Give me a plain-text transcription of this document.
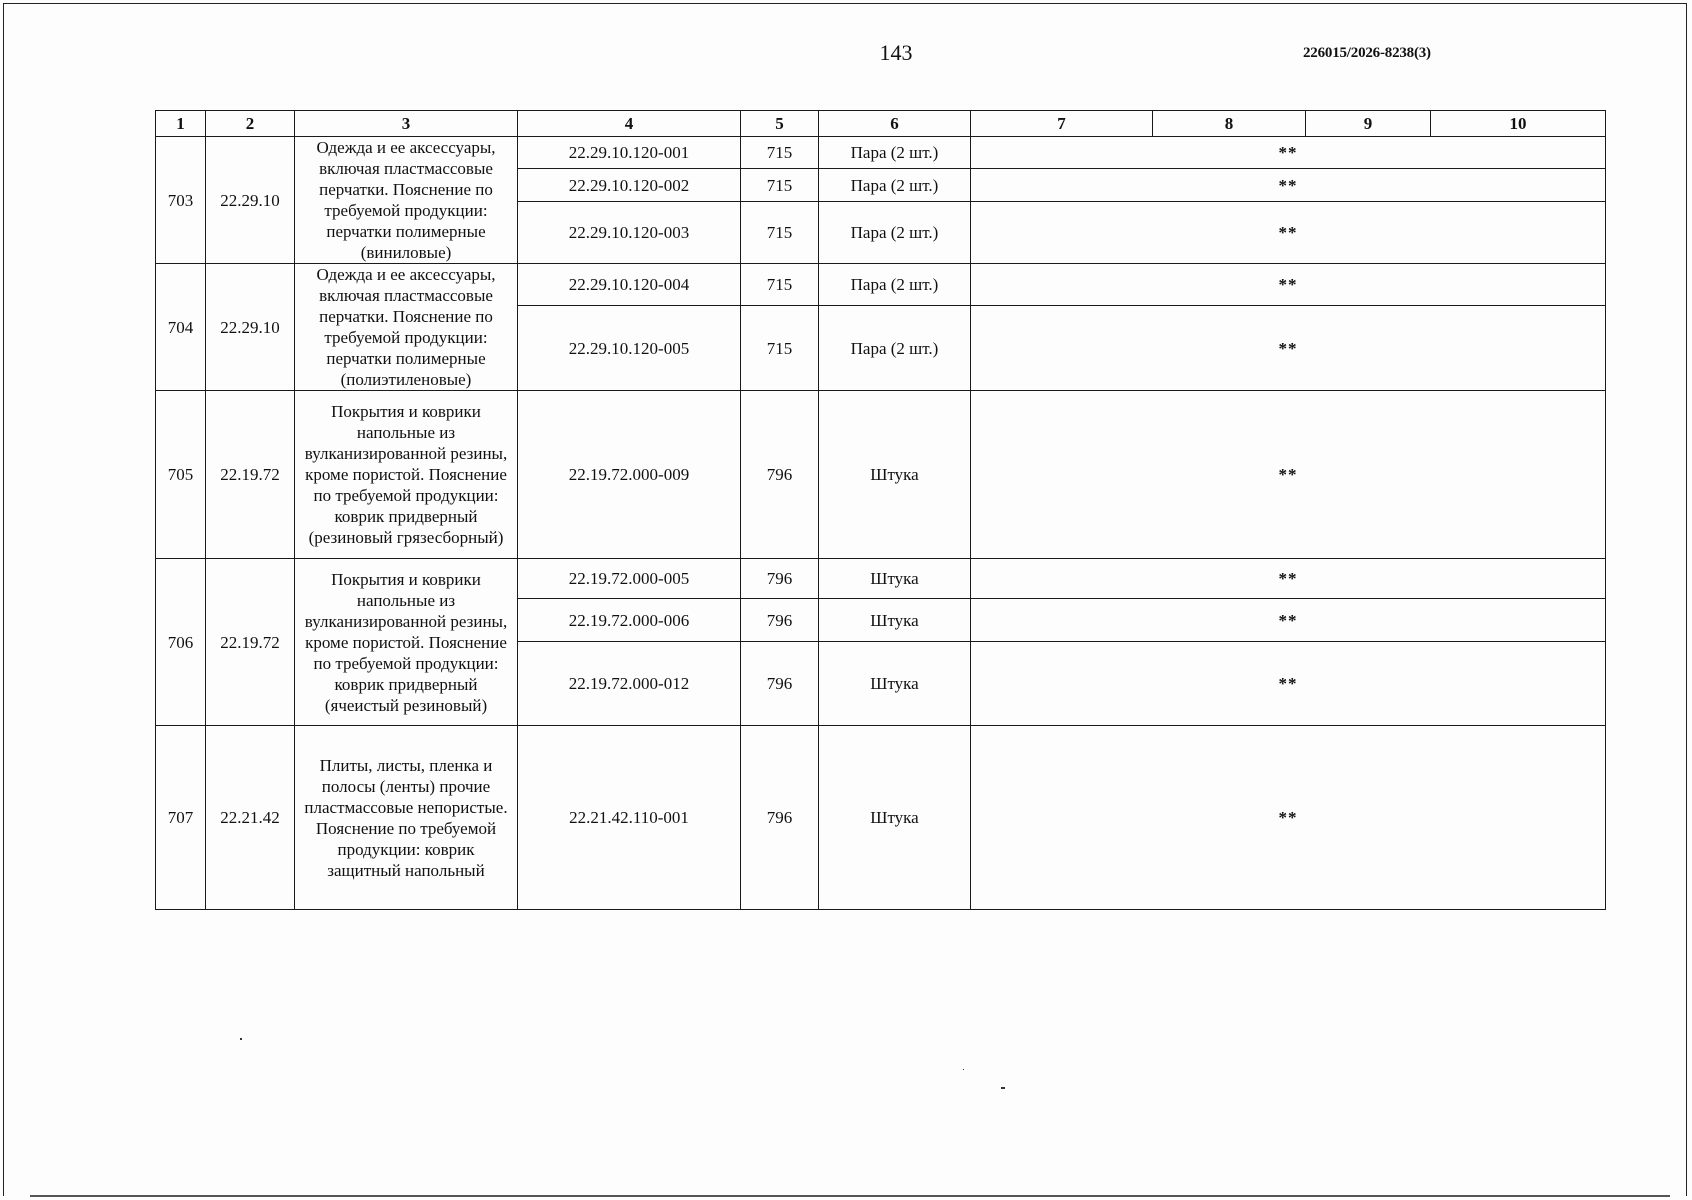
143	226015/2026-8238(3)
1	2	3	4	5	6	7	8	9	10
703	22.29.10	Одежда и ее аксессуары, включая пластмассовые перчатки. Пояснение по требуемой продукции: перчатки полимерные (виниловые)	22.29.10.120-001	715	Пара (2 шт.)	**			
			22.29.10.120-002	715	Пара (2 шт.)	**			
			22.29.10.120-003	715	Пара (2 шт.)	**			
704	22.29.10	Одежда и ее аксессуары, включая пластмассовые перчатки. Пояснение по требуемой продукции: перчатки полимерные (полиэтиленовые)	22.29.10.120-004	715	Пара (2 шт.)	**			
			22.29.10.120-005	715	Пара (2 шт.)	**			
705	22.19.72	Покрытия и коврики напольные из вулканизированной резины, кроме пористой. Пояснение по требуемой продукции: коврик придверный (резиновый грязесборный)	22.19.72.000-009	796	Штука	**			
706	22.19.72	Покрытия и коврики напольные из вулканизированной резины, кроме пористой. Пояснение по требуемой продукции: коврик придверный (ячеистый резиновый)	22.19.72.000-005	796	Штука	**			
			22.19.72.000-006	796	Штука	**			
			22.19.72.000-012	796	Штука	**			
707	22.21.42	Плиты, листы, пленка и полосы (ленты) прочие пластмассовые непористые. Пояснение по требуемой продукции: коврик защитный напольный	22.21.42.110-001	796	Штука	**			
